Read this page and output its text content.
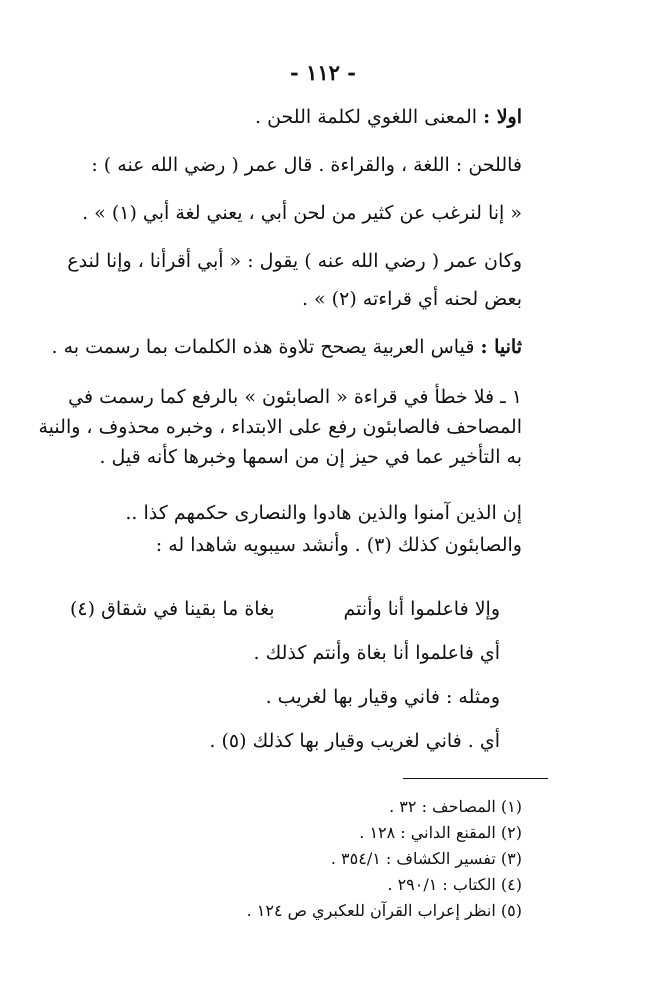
- ١١٢ -
اولا : المعنى اللغوي لكلمة اللحن .
فاللحن : اللغة ، والقراءة . قال عمر ( رضي الله عنه ) :
« إنا لنرغب عن كثير من لحن أبي ، يعني لغة أبي (١) » .
وكان عمر ( رضي الله عنه ) يقول : « أبي أقرأنا ، وإنا لندع
بعض لحنه أي قراءته (٢) » .
ثانيا : قياس العربية يصحح تلاوة هذه الكلمات بما رسمت به .
١ ـ فلا خطأ في قراءة « الصابئون » بالرفع كما رسمت في
المصاحف فالصابئون رفع على الابتداء ، وخبره محذوف ، والنية
به التأخير عما في حيز إن من اسمها وخبرها كأنه قيل .
إن الذين آمنوا والذين هادوا والنصارى حكمهم كذا ..
والصابئون كذلك (٣) . وأنشد سيبويه شاهدا له :
وإلا فاعلموا أنا وأنتم
بغاة ما بقينا في شقاق (٤)
أي فاعلموا أنا بغاة وأنتم كذلك .
ومثله : فاني وقيار بها لغريب .
أي . فاني لغريب وقيار بها كذلك (٥) .
(١) المصاحف : ٣٢ .
(٢) المقنع الداني : ١٢٨ .
(٣) تفسير الكشاف : ٣٥٤/١ .
(٤) الكتاب : ٢٩٠/١ .
(٥) انظر إعراب القرآن للعكبري ص ١٢٤ .
